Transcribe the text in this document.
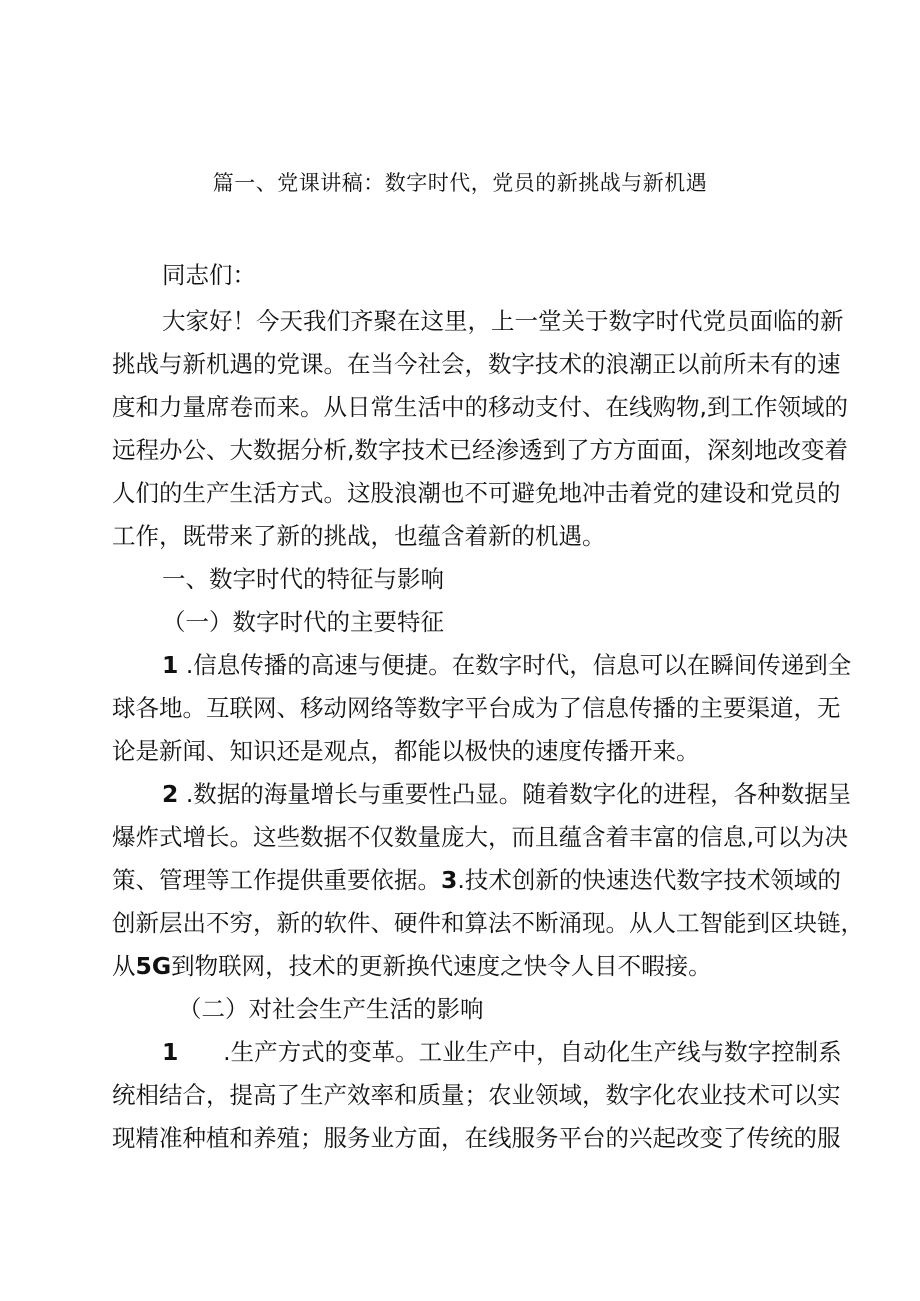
篇一、党课讲稿：数字时代，党员的新挑战与新机遇
同志们：
大家好！今天我们齐聚在这里，上一堂关于数字时代党员面临的新
挑战与新机遇的党课。在当今社会，数字技术的浪潮正以前所未有的速
度和力量席卷而来。从日常生活中的移动支付、在线购物,到工作领域的
远程办公、大数据分析,数字技术已经渗透到了方方面面，深刻地改变着
人们的生产生活方式。这股浪潮也不可避免地冲击着党的建设和党员的
工作，既带来了新的挑战，也蕴含着新的机遇。
一、数字时代的特征与影响
（一）数字时代的主要特征
1 .信息传播的高速与便捷。在数字时代，信息可以在瞬间传递到全
球各地。互联网、移动网络等数字平台成为了信息传播的主要渠道，无
论是新闻、知识还是观点，都能以极快的速度传播开来。
2 .数据的海量增长与重要性凸显。随着数字化的进程，各种数据呈
爆炸式增长。这些数据不仅数量庞大，而且蕴含着丰富的信息,可以为决
策、管理等工作提供重要依据。3.技术创新的快速迭代数字技术领域的
创新层出不穷，新的软件、硬件和算法不断涌现。从人工智能到区块链，
从5G到物联网，技术的更新换代速度之快令人目不暇接。
（二）对社会生产生活的影响
1      .生产方式的变革。工业生产中，自动化生产线与数字控制系
统相结合，提高了生产效率和质量；农业领域，数字化农业技术可以实
现精准种植和养殖；服务业方面，在线服务平台的兴起改变了传统的服
